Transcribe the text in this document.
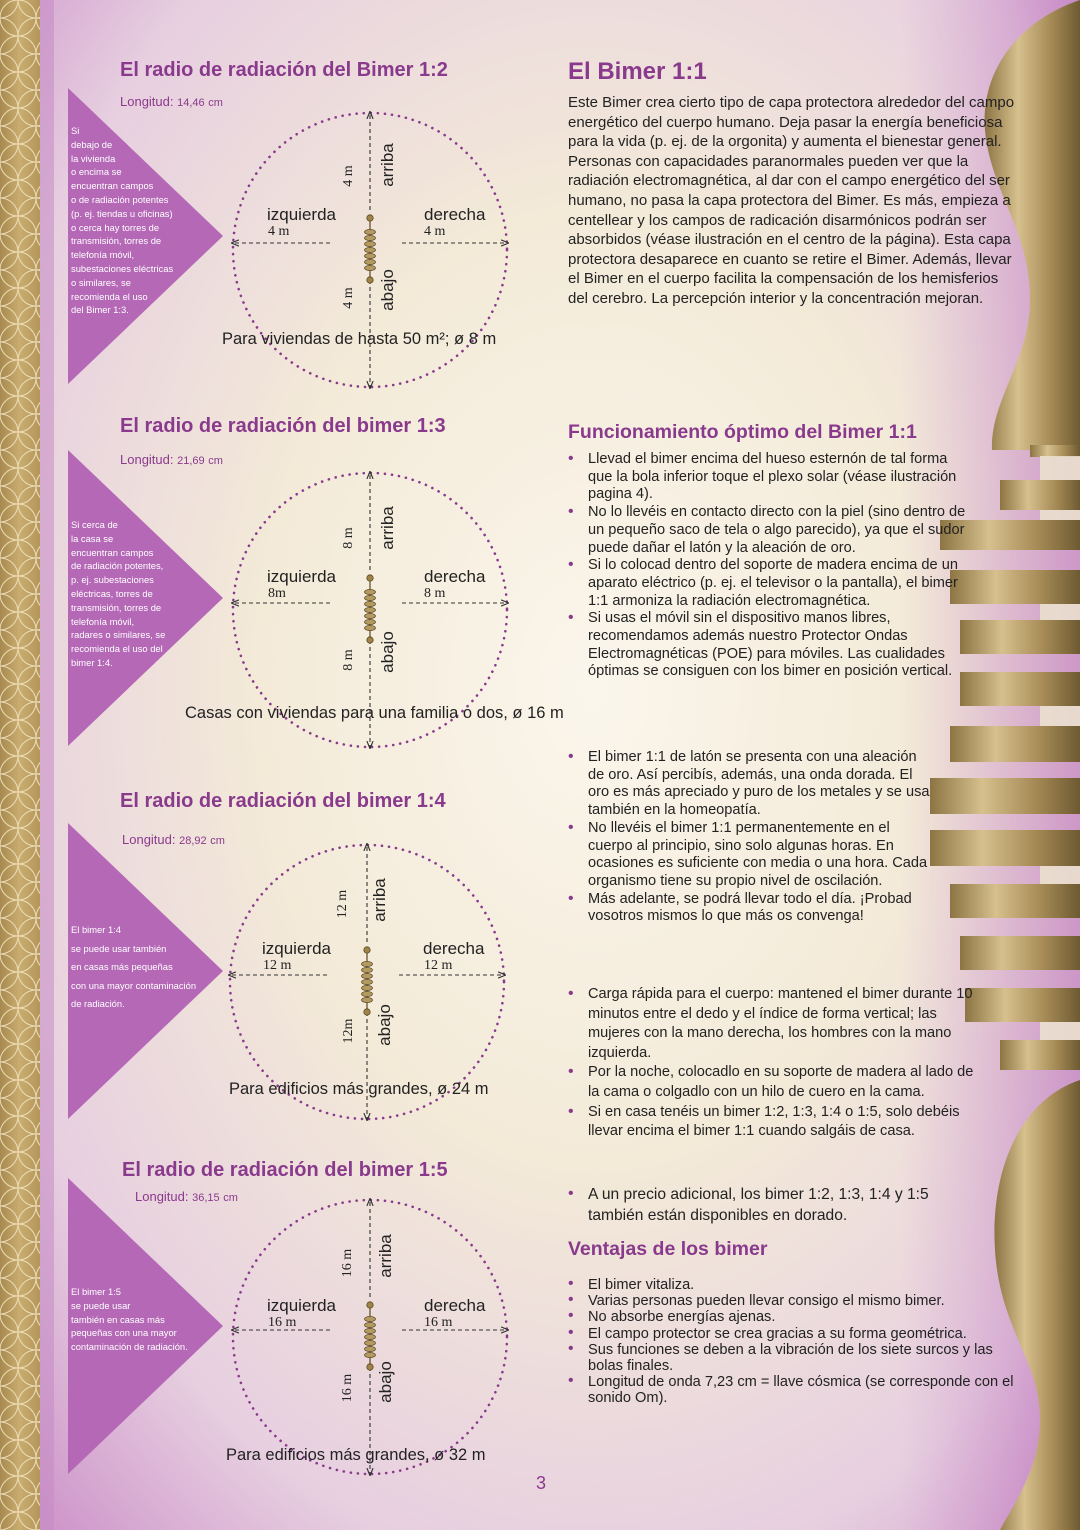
El radio de radiación del Bimer 1:2
Longitud: 14,46 cm
Si
debajo de
la vivienda
o encima se
encuentran campos
o de radiación potentes
(p. ej. tiendas u oficinas)
o cerca hay torres de
transmisión, torres de
telefonía móvil,
subestaciones eléctricas
o similares, se
recomienda el uso
del Bimer 1:3.
izquierda
4 m
derecha
4 m
arriba
4 m
abajo
4 m
Para viviendas de hasta 50 m²; ø 8 m
El radio de radiación del bimer 1:3
Longitud: 21,69 cm
Si cerca de
la casa se
encuentran campos
de radiación potentes,
p. ej. subestaciones
eléctricas, torres de
transmisión, torres de
telefonía móvil,
radares o similares, se
recomienda el uso del
bimer 1:4.
izquierda
8m
derecha
8 m
arriba
8 m
abajo
8 m
Casas con viviendas para una familia o dos, ø 16 m
El radio de radiación del bimer 1:4
Longitud: 28,92 cm
El bimer 1:4
se puede usar también
en casas más pequeñas
con una mayor contaminación
de radiación.
izquierda
12 m
derecha
12 m
arriba
12 m
abajo
12m
Para edificios más grandes, ø 24 m
El radio de radiación del bimer 1:5
Longitud: 36,15 cm
El bimer 1:5
se puede usar
también en casas más
pequeñas con una mayor
contaminación de radiación.
izquierda
16 m
derecha
16 m
arriba
16 m
abajo
16 m
Para edificios más grandes, ø 32 m
El Bimer 1:1

Este Bimer crea cierto tipo de capa protectora alrededor del campo energético del cuerpo humano. Deja pasar la energía beneficiosa para la vida (p. ej. de la orgonita) y aumenta el bienestar general. Personas con capacidades paranormales pueden ver que la radiación electromagnética, al dar con el campo energético del ser humano, no pasa la capa protectora del Bimer. Es más, empieza a centellear y los campos de radicación disarmónicos podrán ser absorbidos (véase ilustración en el centro de la página). Esta capa protectora desaparece en cuanto se retire el Bimer. Además, llevar el Bimer en el cuerpo facilita la compensación de los hemisferios del cerebro. La percepción interior y la concentración mejoran.

Funcionamiento óptimo del Bimer 1:1
• Llevad el bimer encima del hueso esternón de tal forma que la bola inferior toque el plexo solar (véase ilustración pagina 4).
• No lo llevéis en contacto directo con la piel (sino dentro de un pequeño saco de tela o algo parecido), ya que el sudor puede dañar el latón y la aleación de oro.
• Si lo colocad dentro del soporte de madera encima de un aparato eléctrico (p. ej. el televisor o la pantalla), el bimer 1:1 armoniza la radiación electromagnética.
• Si usas el móvil sin el dispositivo manos libres, recomendamos además nuestro Protector Ondas Electromagnéticas (POE) para móviles. Las cualidades óptimas se consiguen con los bimer en posición vertical.
• El bimer 1:1 de latón se presenta con una aleación de oro. Así percibís, además, una onda dorada. El oro es más apreciado y puro de los metales y se usa también en la homeopatía.
• No llevéis el bimer 1:1 permanentemente en el cuerpo al principio, sino solo algunas horas. En ocasiones es suficiente con media o una hora. Cada organismo tiene su propio nivel de oscilación.
• Más adelante, se podrá llevar todo el día. ¡Probad vosotros mismos lo que más os convenga!
• Carga rápida para el cuerpo: mantened el bimer durante 10 minutos entre el dedo y el índice de forma vertical; las mujeres con la mano derecha, los hombres con la mano izquierda.
• Por la noche, colocadlo en su soporte de madera al lado de la cama o colgadlo con un hilo de cuero en la cama.
• Si en casa tenéis un bimer 1:2, 1:3, 1:4 o 1:5, solo debéis llevar encima el bimer 1:1 cuando salgáis de casa.
• A un precio adicional, los bimer 1:2, 1:3, 1:4 y 1:5 también están disponibles en dorado.
Ventajas de los bimer
• El bimer vitaliza.
• Varias personas pueden llevar consigo el mismo bimer.
• No absorbe energías ajenas.
• El campo protector se crea gracias a su forma geométrica.
• Sus funciones se deben a la vibración de los siete surcos y las bolas finales.
• Longitud de onda 7,23 cm = llave cósmica (se corresponde con el sonido Om).
3
